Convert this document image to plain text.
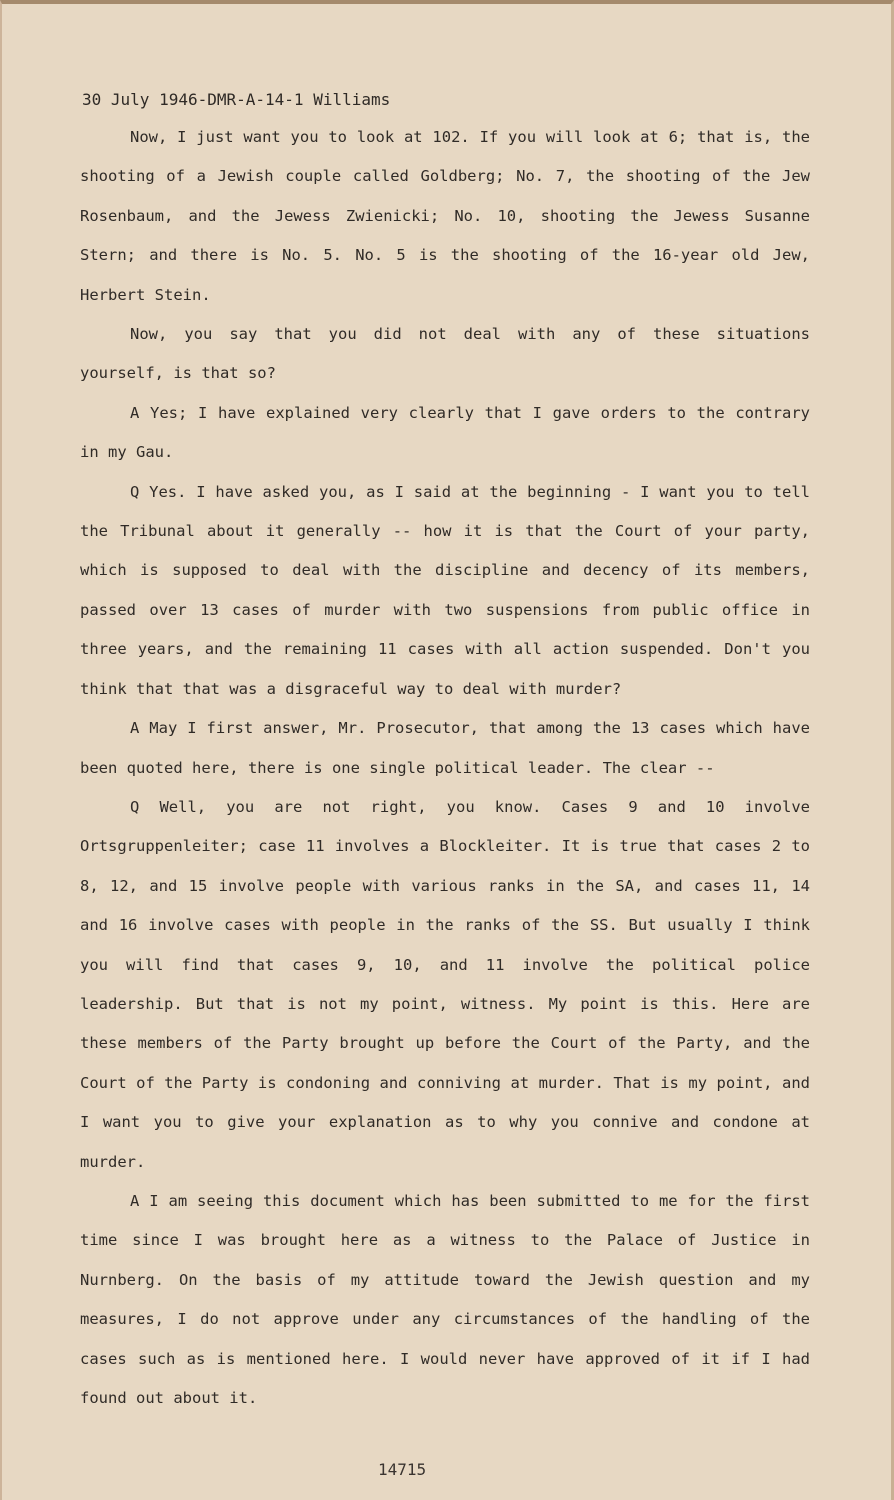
30 July 1946-DMR-A-14-1 Williams

Now, I just want you to look at 102. If you will look at 6; that is, the shooting of a Jewish couple called Goldberg; No. 7, the shooting of the Jew Rosenbaum, and the Jewess Zwienicki; No. 10, shooting the Jewess Susanne Stern; and there is No. 5. No. 5 is the shooting of the 16-year old Jew, Herbert Stein.

Now, you say that you did not deal with any of these situations yourself, is that so?

A Yes; I have explained very clearly that I gave orders to the contrary in my Gau.

Q Yes. I have asked you, as I said at the beginning - I want you to tell the Tribunal about it generally -- how it is that the Court of your party, which is supposed to deal with the discipline and decency of its members, passed over 13 cases of murder with two suspensions from public office in three years, and the remaining 11 cases with all action suspended. Don't you think that that was a disgraceful way to deal with murder?

A May I first answer, Mr. Prosecutor, that among the 13 cases which have been quoted here, there is one single political leader. The clear --

Q Well, you are not right, you know. Cases 9 and 10 involve Ortsgruppenleiter; case 11 involves a Blockleiter. It is true that cases 2 to 8, 12, and 15 involve people with various ranks in the SA, and cases 11, 14 and 16 involve cases with people in the ranks of the SS. But usually I think you will find that cases 9, 10, and 11 involve the political police leadership. But that is not my point, witness. My point is this. Here are these members of the Party brought up before the Court of the Party, and the Court of the Party is condoning and conniving at murder. That is my point, and I want you to give your explanation as to why you connive and condone at murder.

A I am seeing this document which has been submitted to me for the first time since I was brought here as a witness to the Palace of Justice in Nurnberg. On the basis of my attitude toward the Jewish question and my measures, I do not approve under any circumstances of the handling of the cases such as is mentioned here. I would never have approved of it if I had found out about it.

14715
